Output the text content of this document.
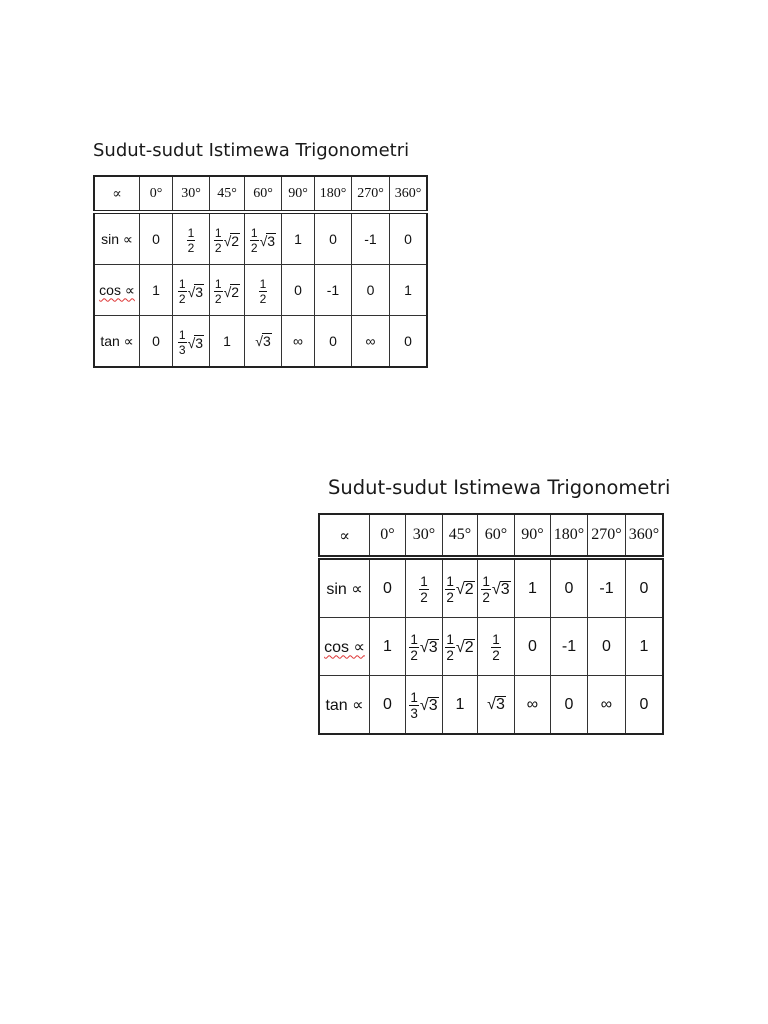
Sudut-sudut Istimewa Trigonometri
∝	0°	30°	45°	60°	90°	180°	270°	360°
sin ∝	0	$\frac{1}{2}$	$\frac{1}{2}$ √ 2	$\frac{1}{2}$ √ 3	1	0	-1	0
cos ∝	1	$\frac{1}{2}$ √ 3	$\frac{1}{2}$ √ 2	$\frac{1}{2}$	0	-1	0	1
tan ∝	0	$\frac{1}{3}$ √ 3	1	√ 3	∞	0	∞	0
Sudut-sudut Istimewa Trigonometri
∝	0°	30°	45°	60°	90°	180°	270°	360°
sin ∝	0	$\frac{1}{2}$	$\frac{1}{2}$ √ 2	$\frac{1}{2}$ √ 3	1	0	-1	0
cos ∝	1	$\frac{1}{2}$ √ 3	$\frac{1}{2}$ √ 2	$\frac{1}{2}$	0	-1	0	1
tan ∝	0	$\frac{1}{3}$ √ 3	1	√ 3	∞	0	∞	0
